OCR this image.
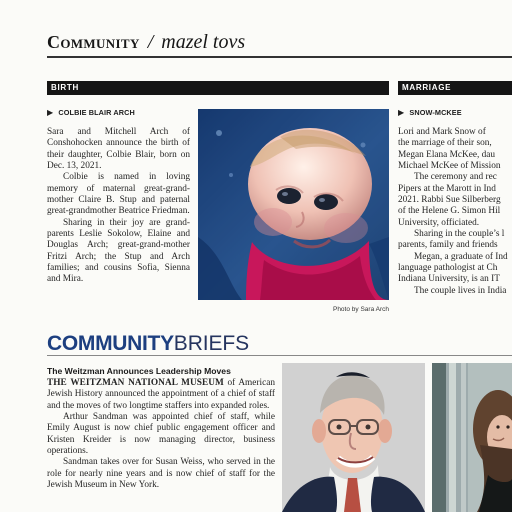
Community / mazel tovs
BIRTH
▶ COLBIE BLAIR ARCH

Sara and Mitchell Arch of Conshohocken announce the birth of their daughter, Colbie Blair, born on Dec. 13, 2021.

Colbie is named in loving memory of maternal great-grand-mother Claire B. Stup and paternal great-grandmother Beatrice Friedman.

Sharing in their joy are grand-parents Leslie Sokolow, Elaine and Douglas Arch; great-grand-mother Fritzi Arch; the Stup and Arch families; and cousins Sofia, Sienna and Mira.

Photo by Sara Arch
MARRIAGE
▶ SNOW-MCKEE
Lori and Mark Snow of
the marriage of their son,
Megan Elana McKee, dau
Michael McKee of Mission
The ceremony and rec
Pipers at the Marott in Ind
2021. Rabbi Sue Silberberg
of the Helene G. Simon Hil
University, officiated.
Sharing in the couple’s l
parents, family and friends
Megan, a graduate of Ind
language pathologist at Ch
Indiana University, is an IT
The couple lives in India
COMMUNITYBRIEFS
The Weitzman Announces Leadership Moves

THE WEITZMAN NATIONAL MUSEUM of American Jewish History announced the appointment of a chief of staff and the moves of two longtime staffers into expanded roles.

Arthur Sandman was appointed chief of staff, while Emily August is now chief public engagement officer and Kristen Kreider is now managing director, business operations.

Sandman takes over for Susan Weiss, who served in the role for nearly nine years and is now chief of staff for the Jewish Museum in New York.
